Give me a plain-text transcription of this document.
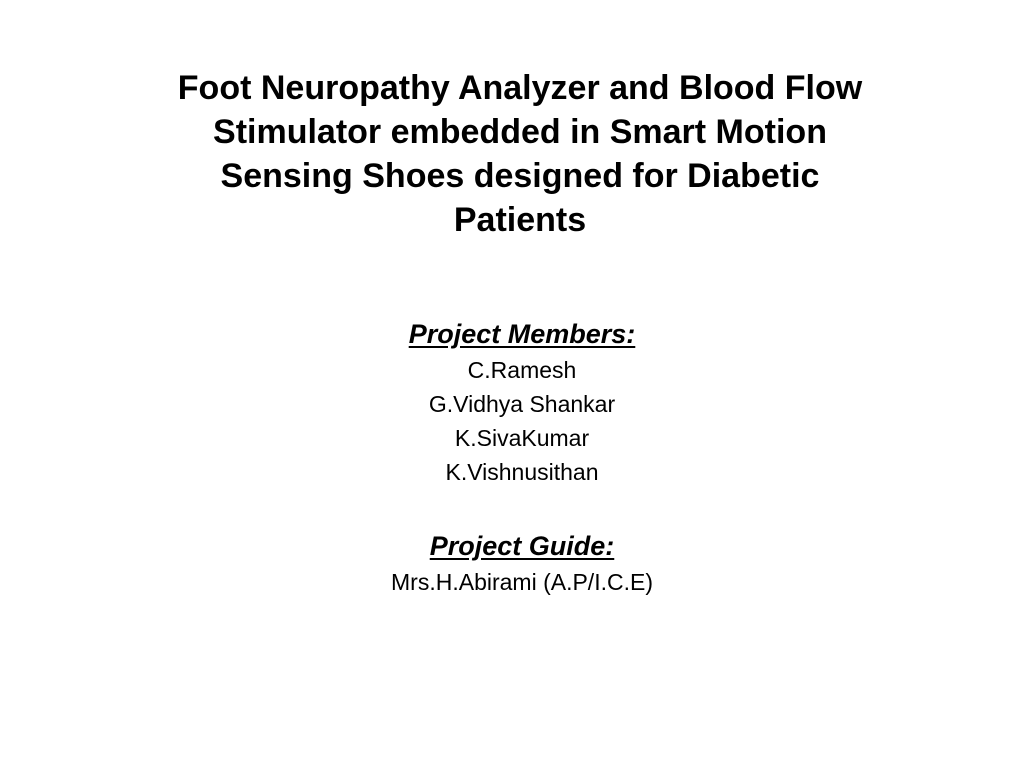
Foot Neuropathy Analyzer and Blood Flow
Stimulator embedded in Smart Motion
Sensing Shoes designed for Diabetic
Patients

Project Members:

C.Ramesh
G.Vidhya Shankar
K.SivaKumar
K.Vishnusithan

Project Guide:

Mrs.H.Abirami (A.P/I.C.E)
